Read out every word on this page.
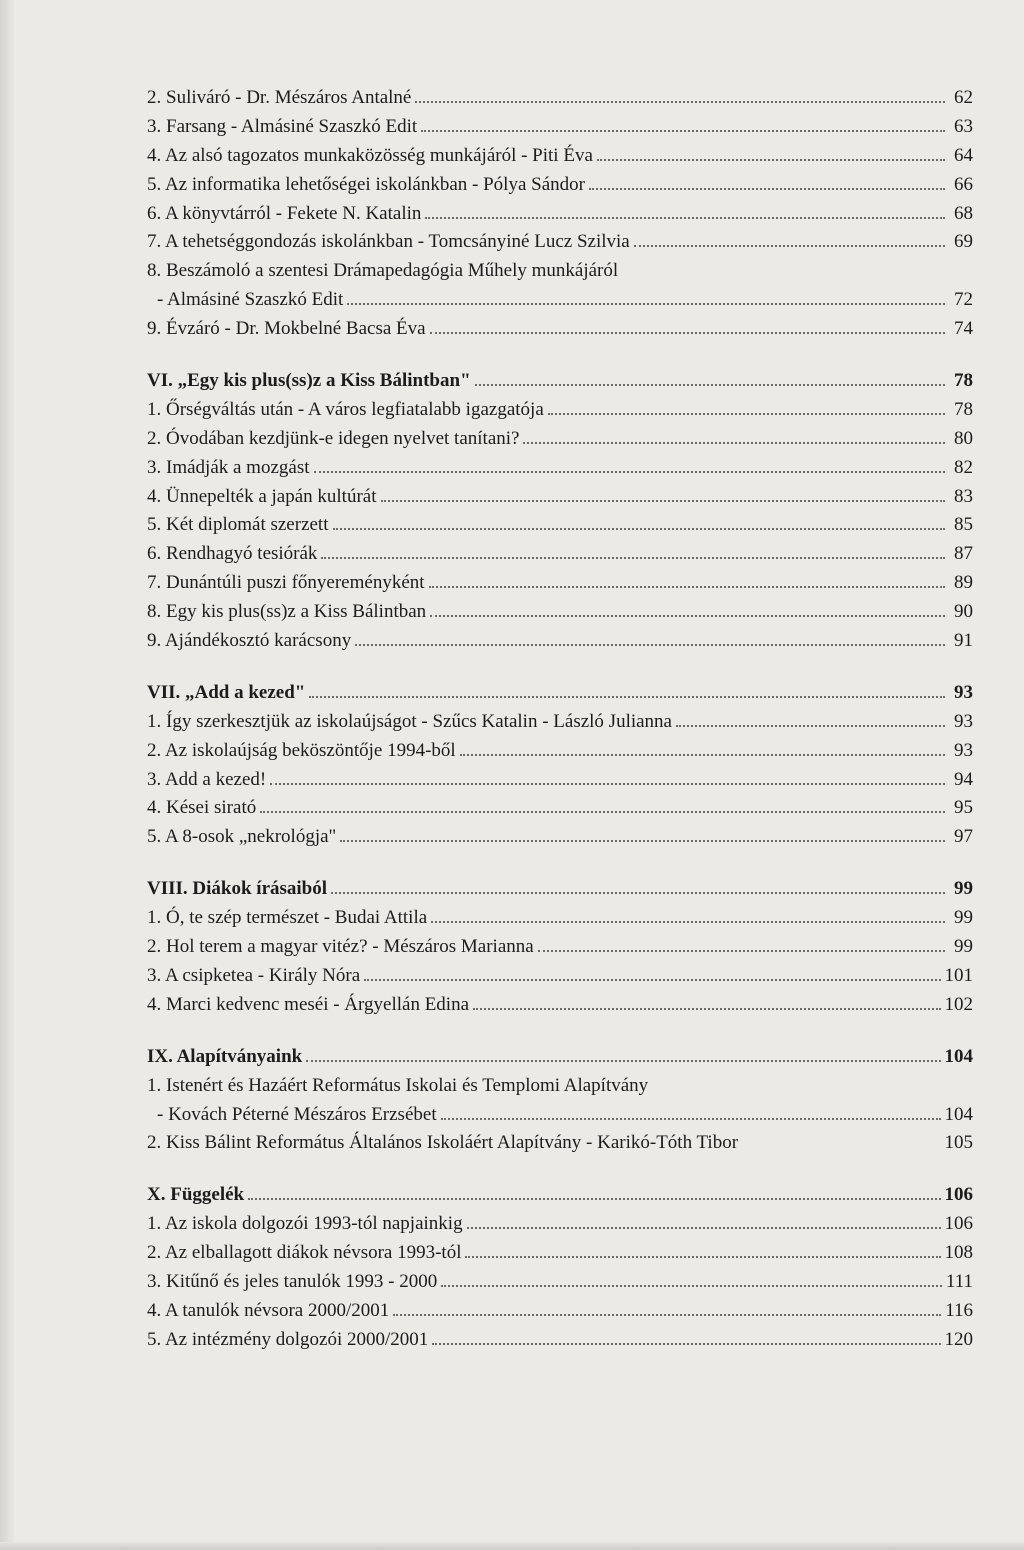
2. Suliváró - Dr. Mészáros Antalné	62
3. Farsang - Almásiné Szaszkó Edit	63
4. Az alsó tagozatos munkaközösség munkájáról - Piti Éva	64
5. Az informatika lehetőségei iskolánkban - Pólya Sándor	66
6. A könyvtárról - Fekete N. Katalin	68
7. A tehetséggondozás iskolánkban - Tomcsányiné Lucz Szilvia	69
8. Beszámoló a szentesi Drámapedagógia Műhely munkájáról
- Almásiné Szaszkó Edit	72
9. Évzáró - Dr. Mokbelné Bacsa Éva	74
VI. „Egy kis plus(ss)z a Kiss Bálintban"	78
1. Őrségváltás után - A város legfiatalabb igazgatója	78
2. Óvodában kezdjünk-e idegen nyelvet tanítani?	80
3. Imádják a mozgást	82
4. Ünnepelték a japán kultúrát	83
5. Két diplomát szerzett	85
6. Rendhagyó tesiórák	87
7. Dunántúli puszi főnyereményként	89
8. Egy kis plus(ss)z a Kiss Bálintban	90
9. Ajándékosztó karácsony	91
VII. „Add a kezed"	93
1. Így szerkesztjük az iskolaújságot - Szűcs Katalin - László Julianna	93
2. Az iskolaújság beköszöntője 1994-ből	93
3. Add a kezed!	94
4. Kései sirató	95
5. A 8-osok „nekrológja"	97
VIII. Diákok írásaiból	99
1. Ó, te szép természet - Budai Attila	99
2. Hol terem a magyar vitéz? - Mészáros Marianna	99
3. A csipketea - Király Nóra	101
4. Marci kedvenc meséi - Árgyellán Edina	102
IX. Alapítványaink	104
1. Istenért és Hazáért Református Iskolai és Templomi Alapítvány
- Kovách Péterné Mészáros Erzsébet	104
2. Kiss Bálint Református Általános Iskoláért Alapítvány - Karikó-Tóth Tibor	105
X. Függelék	106
1. Az iskola dolgozói 1993-tól napjainkig	106
2. Az elballagott diákok névsora 1993-tól	108
3. Kitűnő és jeles tanulók 1993 - 2000	111
4. A tanulók névsora 2000/2001	116
5. Az intézmény dolgozói 2000/2001	120
